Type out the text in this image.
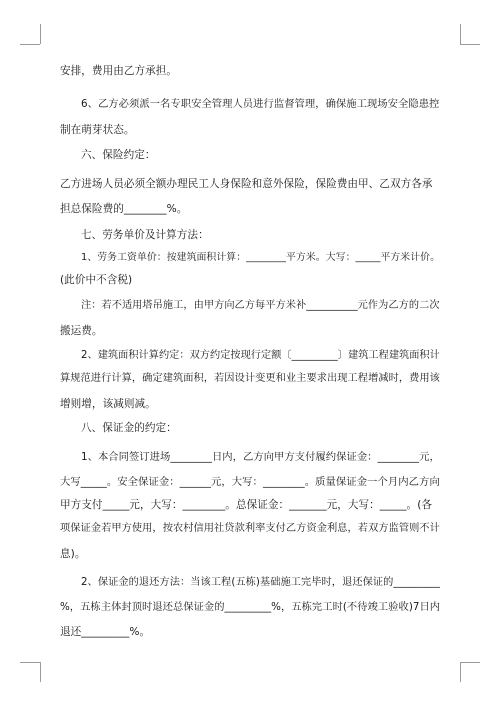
安排，费用由乙方承担。
6、乙方必须派一名专职安全管理人员进行监督管理，确保施工现场安全隐患控
制在萌芽状态。
六、保险约定：
乙方进场人员必须全额办理民工人身保险和意外保险，保险费由甲、乙双方各承
担总保险费的________%。
七、劳务单价及计算方法：
1、劳务工资单价：按建筑面积计算：________平方米。大写：_____平方米计价。
(此价中不含税)
注：若不适用塔吊施工，由甲方向乙方每平方米补__________元作为乙方的二次
搬运费。
2、建筑面积计算约定：双方约定按现行定额〔_________〕建筑工程建筑面积计
算规范进行计算，确定建筑面积，若因设计变更和业主要求出现工程增减时，费用该
增则增，该减则减。
八、保证金的约定：
1、本合同签订进场________日内，乙方向甲方支付履约保证金：________元，
大写_____。安全保证金：______元，大写：________。质量保证金一个月内乙方向
甲方支付_____元，大写：________。总保证金：_______元，大写：_____。(各
项保证金若甲方使用，按农村信用社贷款利率支付乙方资金利息，若双方监管则不计
息)。
2、保证金的退还方法：当该工程(五栋)基础施工完毕时，退还保证的_________
%，五栋主体封顶时退还总保证金的_________%，五栋完工时(不待竣工验收)7日内
退还_________%。
